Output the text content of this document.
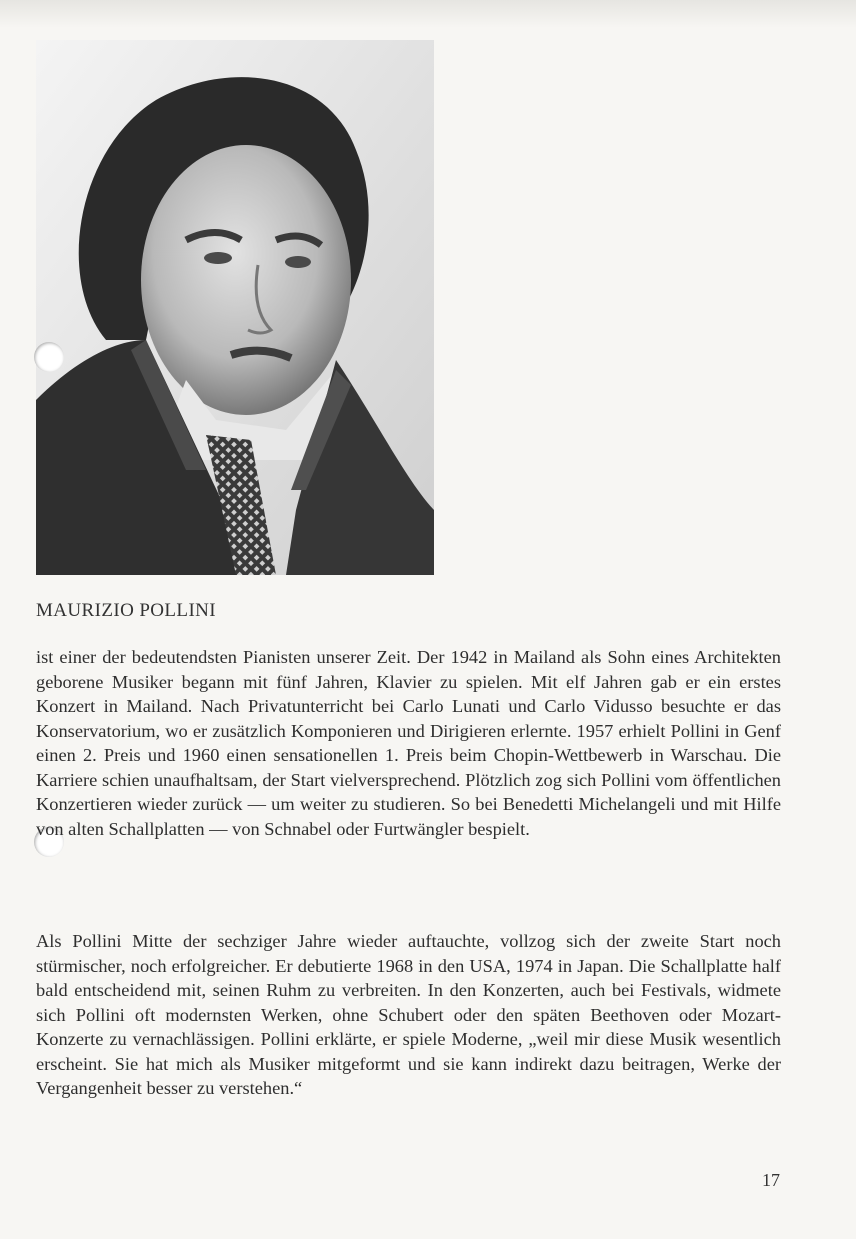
MAURIZIO POLLINI

ist einer der bedeutendsten Pianisten unserer Zeit. Der 1942 in Mailand als Sohn eines Architekten geborene Musiker begann mit fünf Jahren, Klavier zu spielen. Mit elf Jahren gab er ein erstes Konzert in Mailand. Nach Privatunterricht bei Carlo Lunati und Carlo Vidusso besuchte er das Konservatorium, wo er zusätzlich Komponieren und Dirigieren erlernte. 1957 erhielt Pollini in Genf einen 2. Preis und 1960 einen sensationellen 1. Preis beim Chopin-Wettbewerb in Warschau. Die Karriere schien unaufhaltsam, der Start vielversprechend. Plötzlich zog sich Pollini vom öffentlichen Konzertieren wieder zurück — um weiter zu studieren. So bei Benedetti Michelangeli und mit Hilfe von alten Schallplatten — von Schnabel oder Furtwängler bespielt.

Als Pollini Mitte der sechziger Jahre wieder auftauchte, vollzog sich der zweite Start noch stürmischer, noch erfolgreicher. Er debutierte 1968 in den USA, 1974 in Japan. Die Schallplatte half bald entscheidend mit, seinen Ruhm zu verbreiten. In den Konzerten, auch bei Festivals, widmete sich Pollini oft modernsten Werken, ohne Schubert oder den späten Beethoven oder Mozart-Konzerte zu vernachlässigen. Pollini erklärte, er spiele Moderne, „weil mir diese Musik wesentlich erscheint. Sie hat mich als Musiker mitgeformt und sie kann indirekt dazu beitragen, Werke der Vergangenheit besser zu verstehen.“

17
